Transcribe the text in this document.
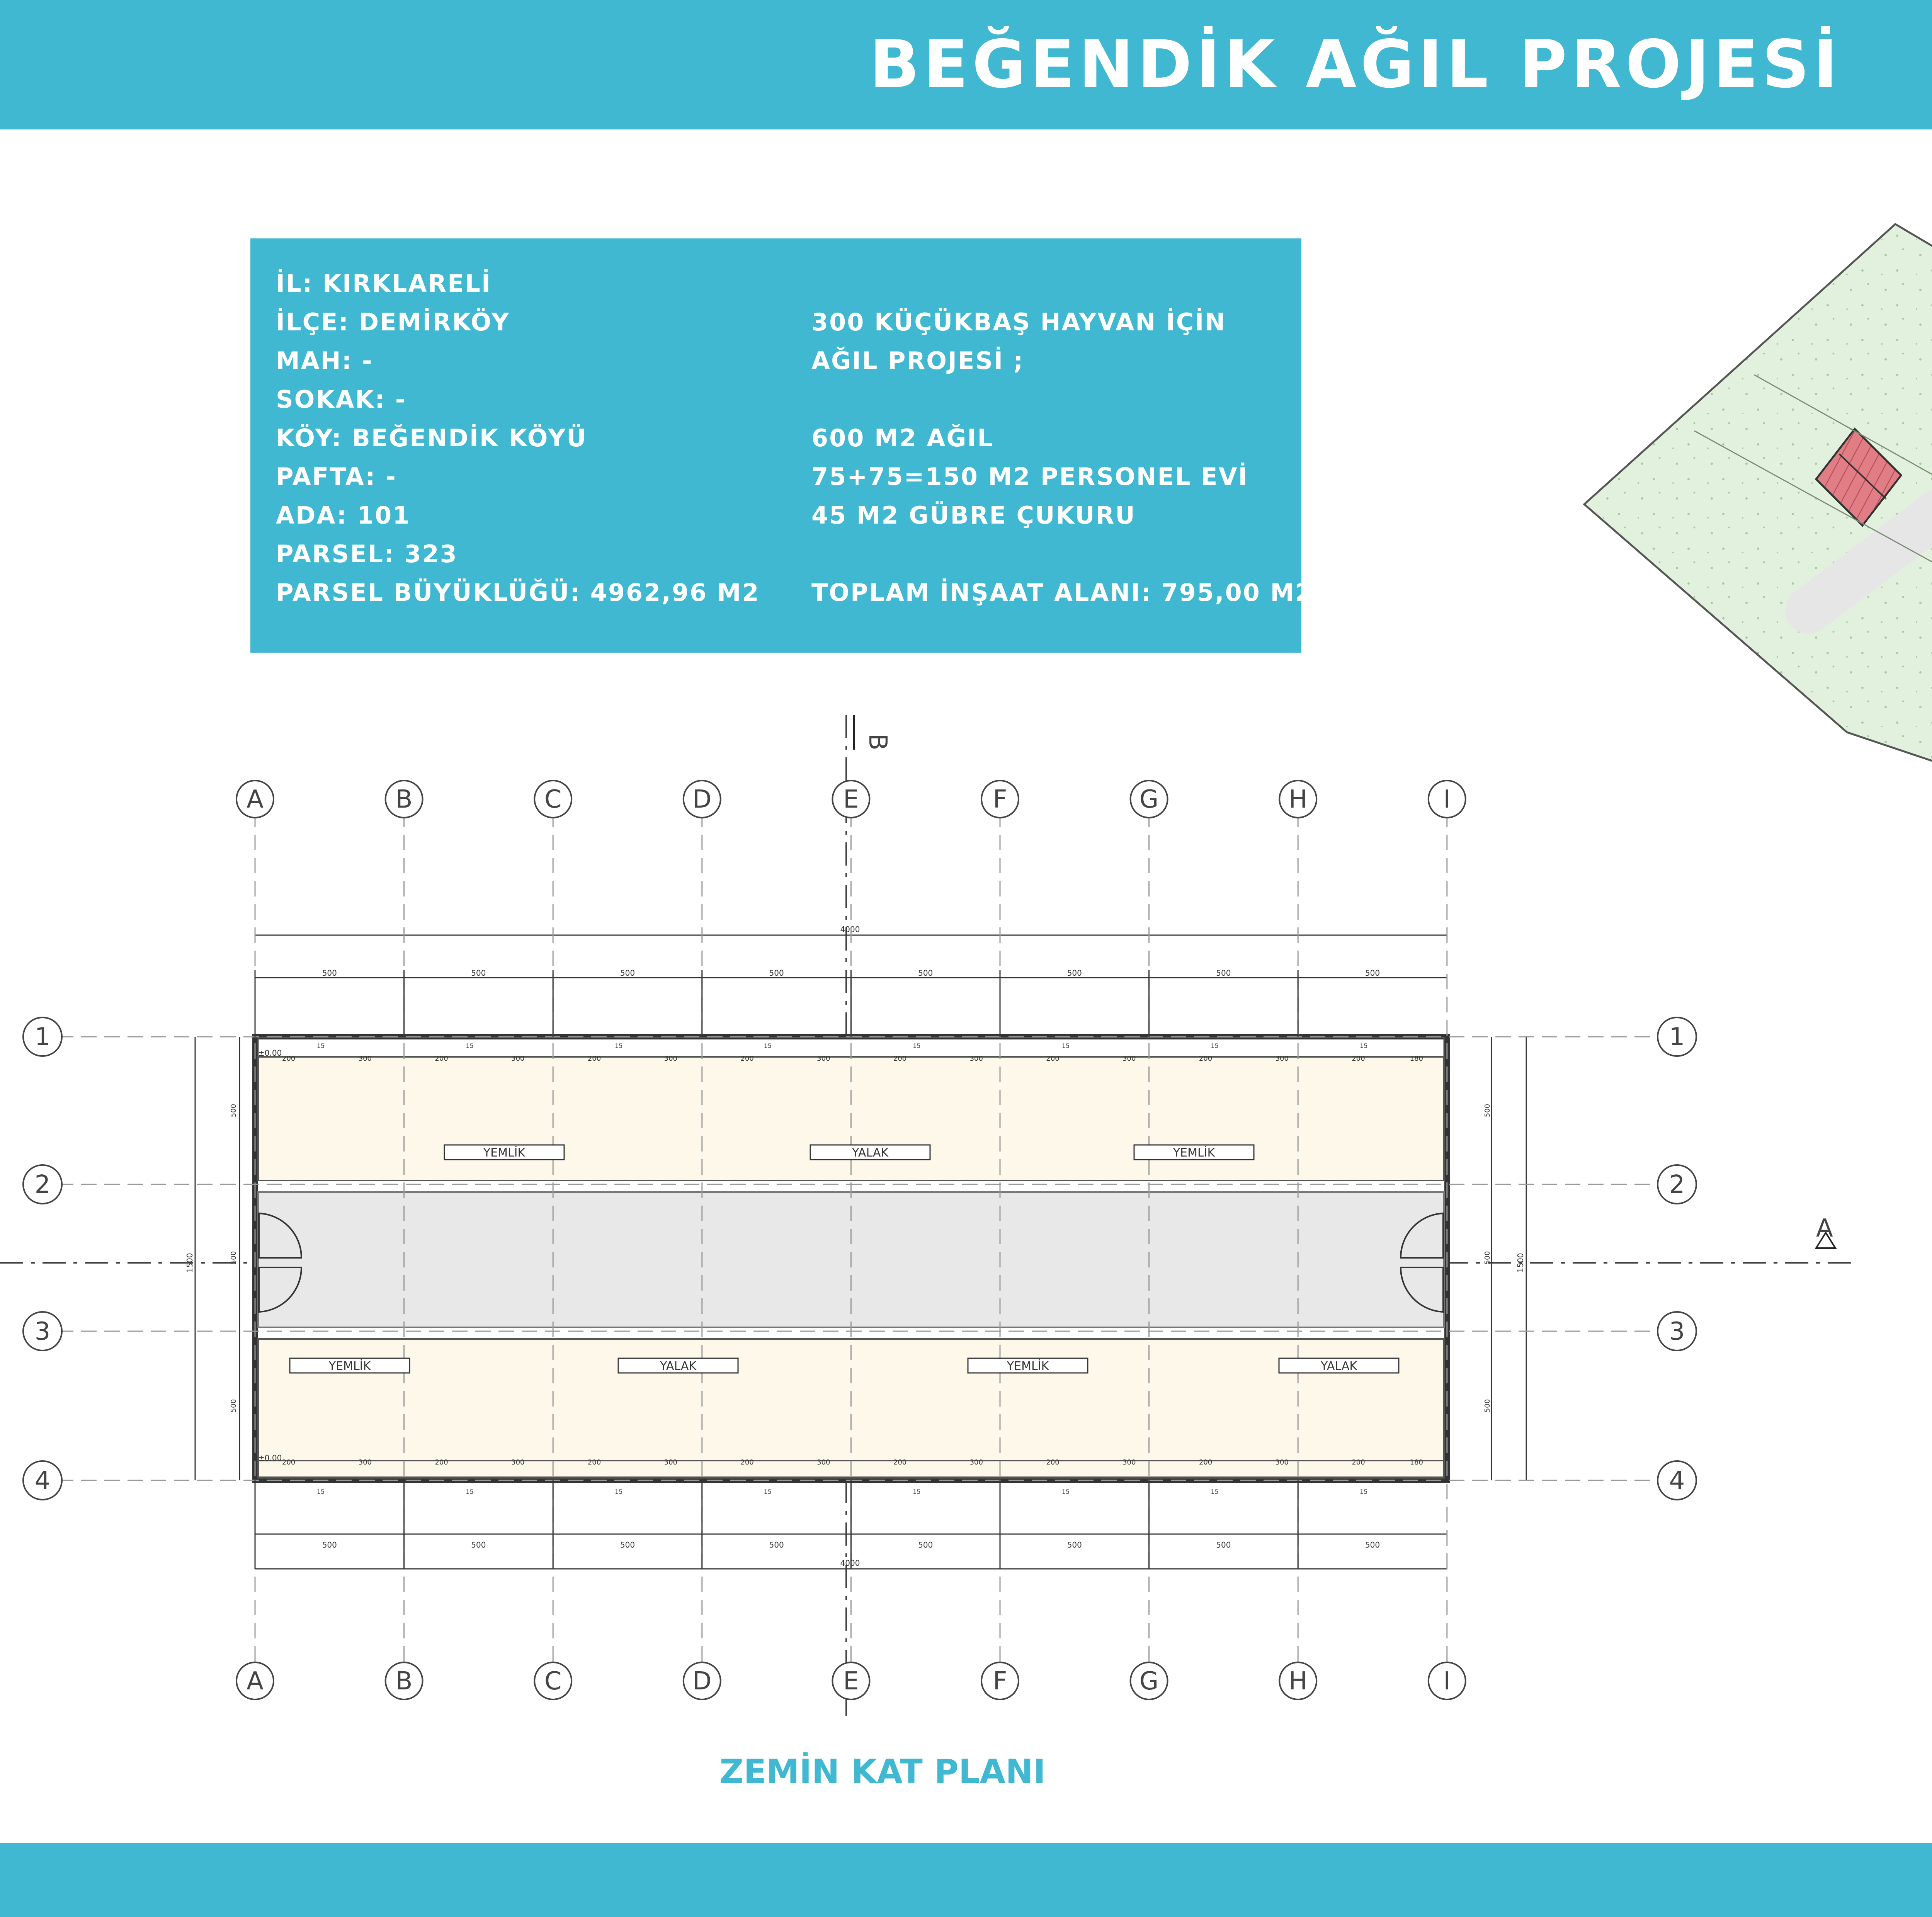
BEĞENDİK AĞIL PROJESİ
İL: KIRKLARELİ
İLÇE: DEMİRKÖY
MAH: -
SOKAK: -
KÖY: BEĞENDİK KÖYÜ
PAFTA: -
ADA: 101
PARSEL: 323
PARSEL BÜYÜKLÜĞÜ: 4962,96 M2
300 KÜÇÜKBAŞ HAYVAN İÇİN
AĞIL PROJESİ ;
600 M2 AĞIL
75+75=150 M2 PERSONEL EVİ
45 M2 GÜBRE ÇUKURU
TOPLAM İNŞAAT ALANI: 795,00 M2
B
A
±0.00
±0.00
4000
4000
1500	1500
A
A
B
B
C
C
D
D
E
E
F
F
G
G
H
H
I
I
1	1
2	2
3	3
4	4
500
500
500
500
500
500
500
500
500
500
500
500
500
500
500
500
200
200
300
300
200
200
300
300
200
200
300
300
200
200
300
300
200
200
300
300
200
200
300
300
200
200
300
300
200
200
180
180
15
15
15
15
15
15
15
15
15
15
15
15
15
15
15
15
500	500
500	500
500	500
YEMLİK	YALAK	YEMLİK
YEMLİK	YALAK	YEMLİK	YALAK
ZEMİN KAT PLANI
